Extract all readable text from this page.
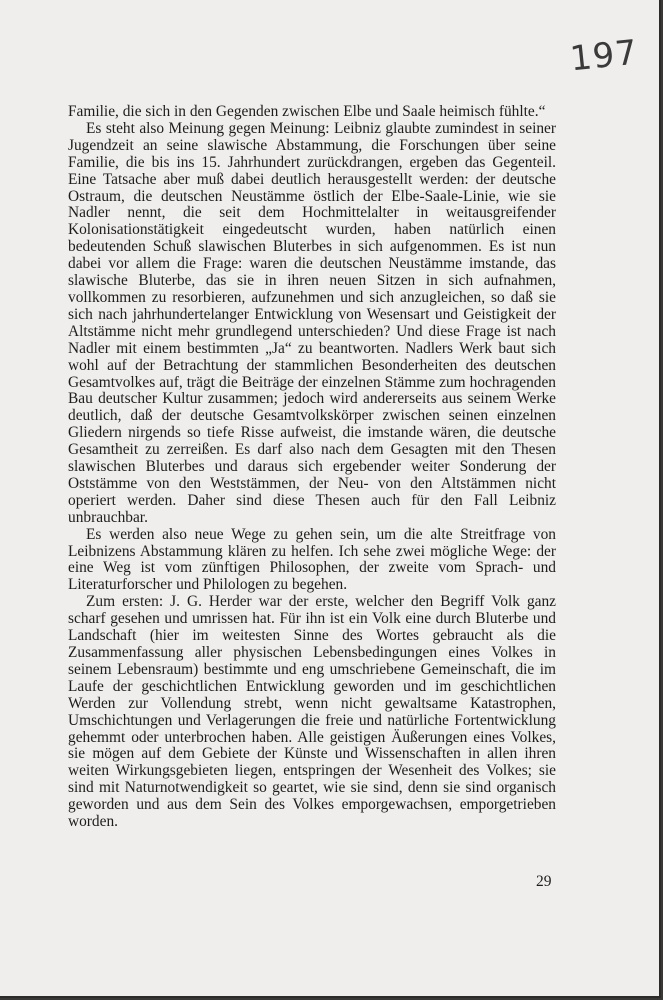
197

Familie, die sich in den Gegenden zwischen Elbe und Saale heimisch fühlte.“

Es steht also Meinung gegen Meinung: Leibniz glaubte zumindest in seiner Jugendzeit an seine slawische Abstammung, die Forschungen über seine Familie, die bis ins 15. Jahrhundert zurückdrangen, ergeben das Gegenteil. Eine Tatsache aber muß dabei deutlich herausgestellt werden: der deutsche Ostraum, die deutschen Neustämme östlich der Elbe-Saale-Linie, wie sie Nadler nennt, die seit dem Hochmittelalter in weitausgreifender Kolonisationstätigkeit eingedeutscht wurden, haben natürlich einen bedeutenden Schuß slawischen Bluterbes in sich aufgenommen. Es ist nun dabei vor allem die Frage: waren die deutschen Neustämme imstande, das slawische Bluterbe, das sie in ihren neuen Sitzen in sich aufnahmen, vollkommen zu resorbieren, aufzunehmen und sich anzugleichen, so daß sie sich nach jahrhundertelanger Entwicklung von Wesensart und Geistigkeit der Altstämme nicht mehr grundlegend unterschieden? Und diese Frage ist nach Nadler mit einem bestimmten „Ja“ zu beantworten. Nadlers Werk baut sich wohl auf der Betrachtung der stammlichen Besonderheiten des deutschen Gesamtvolkes auf, trägt die Beiträge der einzelnen Stämme zum hochragenden Bau deutscher Kultur zusammen; jedoch wird andererseits aus seinem Werke deutlich, daß der deutsche Gesamtvolkskörper zwischen seinen einzelnen Gliedern nirgends so tiefe Risse aufweist, die imstande wären, die deutsche Gesamtheit zu zerreißen. Es darf also nach dem Gesagten mit den Thesen slawischen Bluterbes und daraus sich ergebender weiter Sonderung der Oststämme von den Weststämmen, der Neu- von den Altstämmen nicht operiert werden. Daher sind diese Thesen auch für den Fall Leibniz unbrauchbar.

Es werden also neue Wege zu gehen sein, um die alte Streitfrage von Leibnizens Abstammung klären zu helfen. Ich sehe zwei mögliche Wege: der eine Weg ist vom zünftigen Philosophen, der zweite vom Sprach- und Literaturforscher und Philologen zu begehen.

Zum ersten: J. G. Herder war der erste, welcher den Begriff Volk ganz scharf gesehen und umrissen hat. Für ihn ist ein Volk eine durch Bluterbe und Landschaft (hier im weitesten Sinne des Wortes gebraucht als die Zusammenfassung aller physischen Lebensbedingungen eines Volkes in seinem Lebensraum) bestimmte und eng umschriebene Gemeinschaft, die im Laufe der geschichtlichen Entwicklung geworden und im geschichtlichen Werden zur Vollendung strebt, wenn nicht gewaltsame Katastrophen, Umschichtungen und Verlagerungen die freie und natürliche Fortentwicklung gehemmt oder unterbrochen haben. Alle geistigen Äußerungen eines Volkes, sie mögen auf dem Gebiete der Künste und Wissenschaften in allen ihren weiten Wirkungsgebieten liegen, entspringen der Wesenheit des Volkes; sie sind mit Naturnotwendigkeit so geartet, wie sie sind, denn sie sind organisch geworden und aus dem Sein des Volkes emporgewachsen, emporgetrieben worden.

29
